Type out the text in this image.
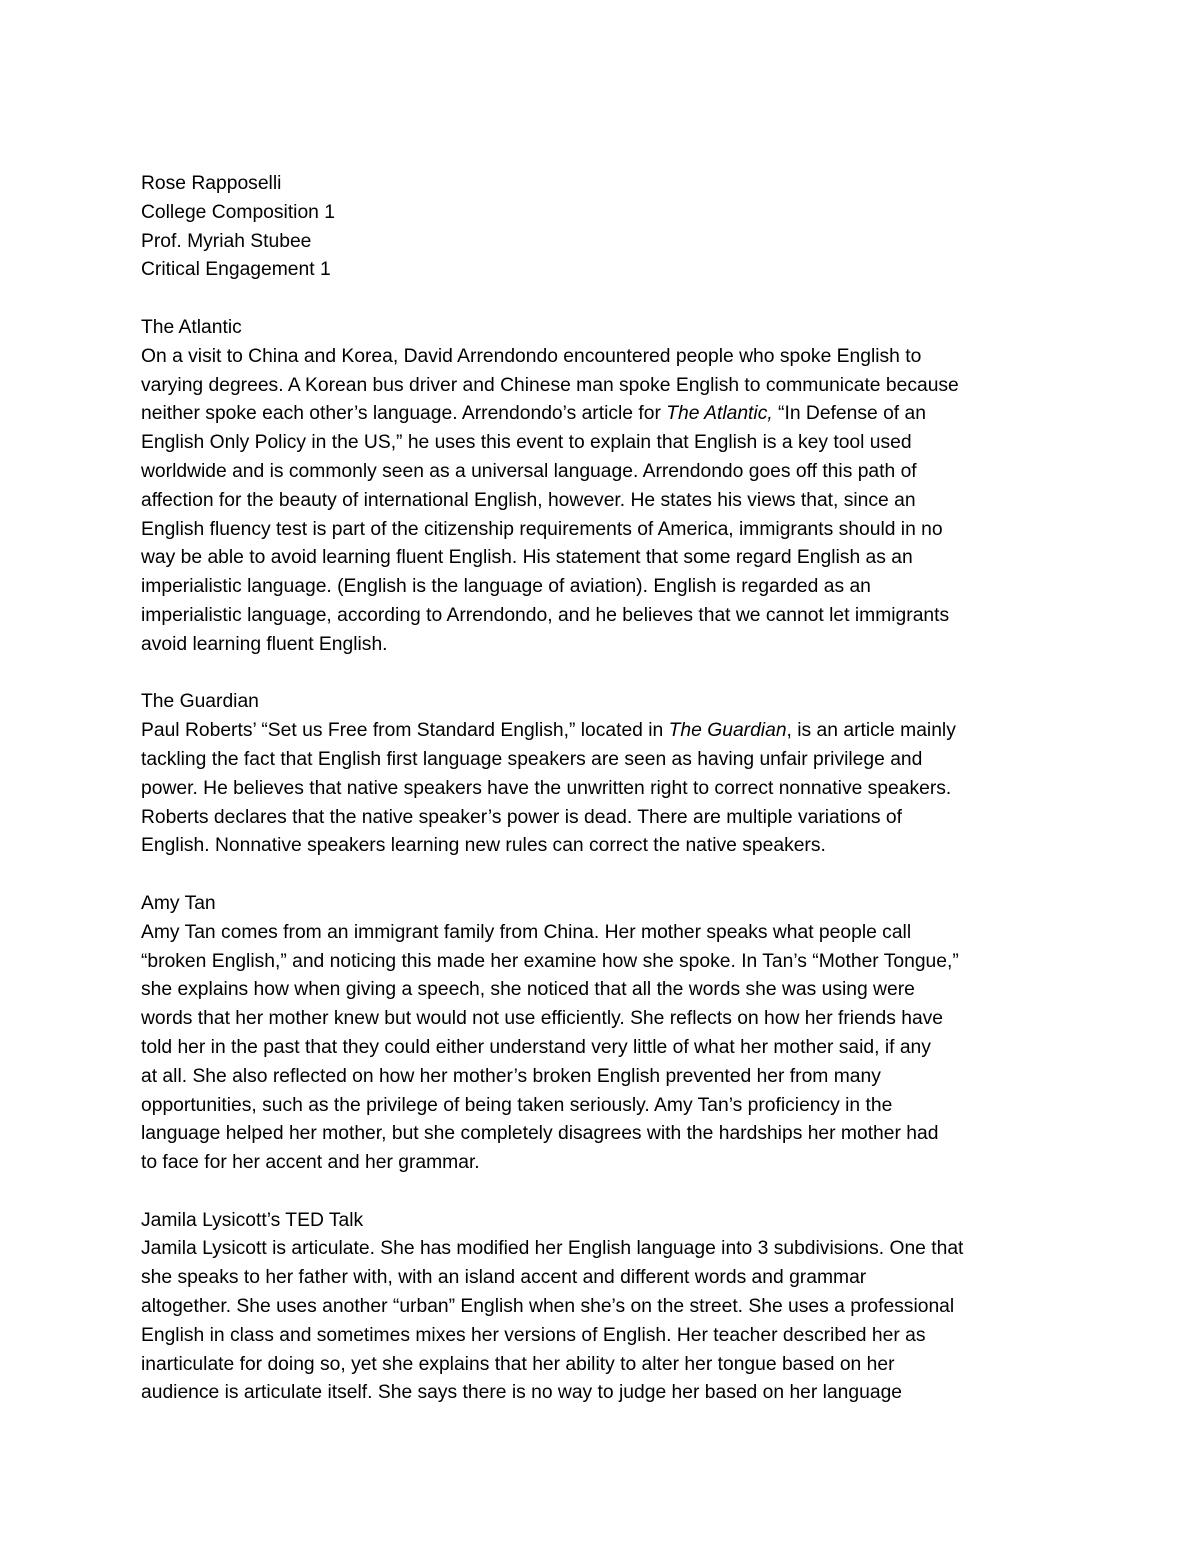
Rose Rapposelli
College Composition 1
Prof. Myriah Stubee
Critical Engagement 1
The Atlantic
On a visit to China and Korea, David Arrendondo encountered people who spoke English to
varying degrees. A Korean bus driver and Chinese man spoke English to communicate because
neither spoke each other’s language. Arrendondo’s article for The Atlantic, “In Defense of an
English Only Policy in the US,” he uses this event to explain that English is a key tool used
worldwide and is commonly seen as a universal language. Arrendondo goes off this path of
affection for the beauty of international English, however. He states his views that, since an
English fluency test is part of the citizenship requirements of America, immigrants should in no
way be able to avoid learning fluent English. His statement that some regard English as an
imperialistic language. (English is the language of aviation). English is regarded as an
imperialistic language, according to Arrendondo, and he believes that we cannot let immigrants
avoid learning fluent English.
The Guardian
Paul Roberts’ “Set us Free from Standard English,” located in The Guardian, is an article mainly
tackling the fact that English first language speakers are seen as having unfair privilege and
power. He believes that native speakers have the unwritten right to correct nonnative speakers.
Roberts declares that the native speaker’s power is dead. There are multiple variations of
English. Nonnative speakers learning new rules can correct the native speakers.
Amy Tan
Amy Tan comes from an immigrant family from China. Her mother speaks what people call
“broken English,” and noticing this made her examine how she spoke. In Tan’s “Mother Tongue,”
she explains how when giving a speech, she noticed that all the words she was using were
words that her mother knew but would not use efficiently. She reflects on how her friends have
told her in the past that they could either understand very little of what her mother said, if any
at all. She also reflected on how her mother’s broken English prevented her from many
opportunities, such as the privilege of being taken seriously. Amy Tan’s proficiency in the
language helped her mother, but she completely disagrees with the hardships her mother had
to face for her accent and her grammar.
Jamila Lysicott’s TED Talk
Jamila Lysicott is articulate. She has modified her English language into 3 subdivisions. One that
she speaks to her father with, with an island accent and different words and grammar
altogether. She uses another “urban” English when she’s on the street. She uses a professional
English in class and sometimes mixes her versions of English. Her teacher described her as
inarticulate for doing so, yet she explains that her ability to alter her tongue based on her
audience is articulate itself. She says there is no way to judge her based on her language
